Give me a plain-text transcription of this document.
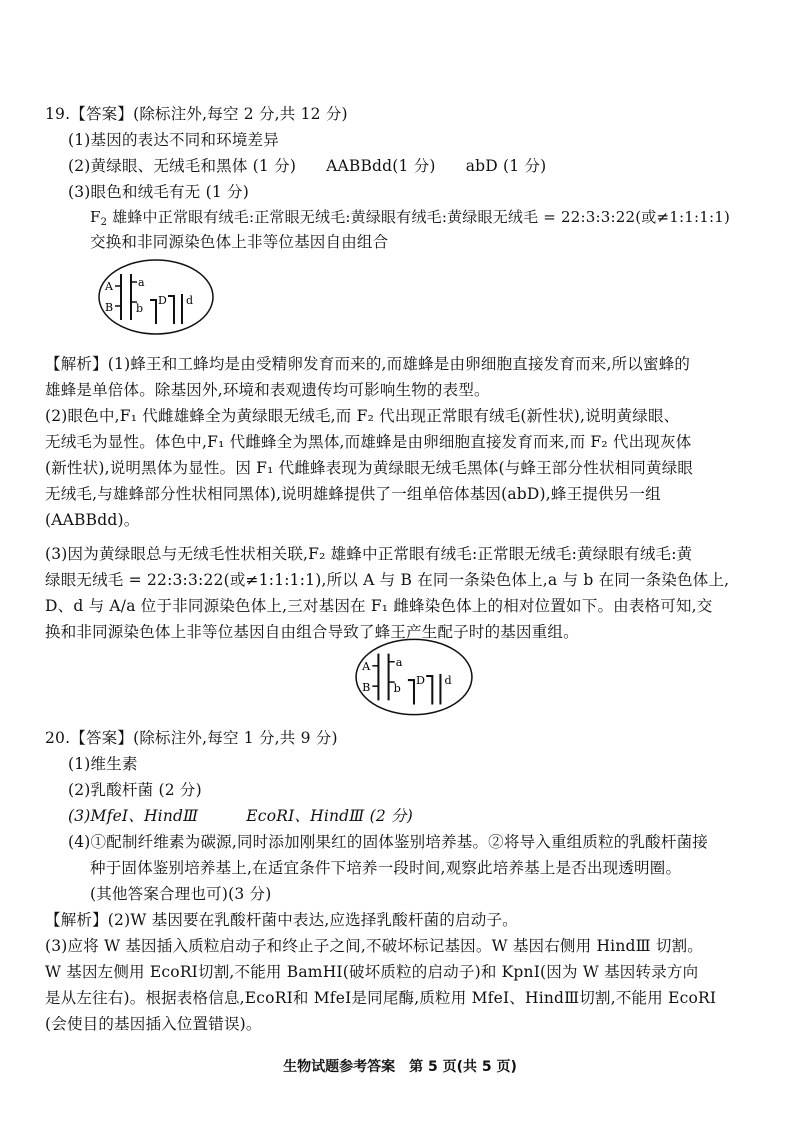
19.【答案】(除标注外,每空 2 分,共 12 分)
(1)基因的表达不同和环境差异
(2)黄绿眼、无绒毛和黑体 (1 分) AABBdd(1 分) abD (1 分)
(3)眼色和绒毛有无 (1 分)
$F_2$ 雄蜂中正常眼有绒毛:正常眼无绒毛:黄绿眼有绒毛:黄绿眼无绒毛 = 22:3:3:22(或≠1:1:1:1)
交换和非同源染色体上非等位基因自由组合
A
B
a
b
D d
【解析】(1)蜂王和工蜂均是由受精卵发育而来的,而雄蜂是由卵细胞直接发育而来,所以蜜蜂的
雄蜂是单倍体。除基因外,环境和表观遗传均可影响生物的表型。
(2)眼色中,F₁ 代雌雄蜂全为黄绿眼无绒毛,而 F₂ 代出现正常眼有绒毛(新性状),说明黄绿眼、
无绒毛为显性。体色中,F₁ 代雌蜂全为黑体,而雄蜂是由卵细胞直接发育而来,而 F₂ 代出现灰体
(新性状),说明黑体为显性。因 F₁ 代雌蜂表现为黄绿眼无绒毛黑体(与蜂王部分性状相同黄绿眼
无绒毛,与雄蜂部分性状相同黑体),说明雄蜂提供了一组单倍体基因(abD),蜂王提供另一组
(AABBdd)。
(3)因为黄绿眼总与无绒毛性状相关联,F₂ 雄蜂中正常眼有绒毛:正常眼无绒毛:黄绿眼有绒毛:黄
绿眼无绒毛 = 22:3:3:22(或≠1:1:1:1),所以 A 与 B 在同一条染色体上,a 与 b 在同一条染色体上,
D、d 与 A/a 位于非同源染色体上,三对基因在 F₁ 雌蜂染色体上的相对位置如下。由表格可知,交
换和非同源染色体上非等位基因自由组合导致了蜂王产生配子时的基因重组。
A
B
a
b
D d
20.【答案】(除标注外,每空 1 分,共 9 分)
(1)维生素
(2)乳酸杆菌 (2 分)
(3)MfeⅠ、HindⅢ	EcoRⅠ、HindⅢ (2 分)
(4)①配制纤维素为碳源,同时添加刚果红的固体鉴别培养基。②将导入重组质粒的乳酸杆菌接
种于固体鉴别培养基上,在适宜条件下培养一段时间,观察此培养基上是否出现透明圈。
(其他答案合理也可)(3 分)
【解析】(2)W 基因要在乳酸杆菌中表达,应选择乳酸杆菌的启动子。
(3)应将 W 基因插入质粒启动子和终止子之间,不破坏标记基因。W 基因右侧用 HindⅢ 切割。
W 基因左侧用 EcoRⅠ切割,不能用 BamHⅠ(破坏质粒的启动子)和 KpnⅠ(因为 W 基因转录方向
是从左往右)。根据表格信息,EcoRⅠ和 MfeⅠ是同尾酶,质粒用 MfeⅠ、HindⅢ切割,不能用 EcoRⅠ
(会使目的基因插入位置错误)。
生物试题参考答案　第 5 页(共 5 页)
